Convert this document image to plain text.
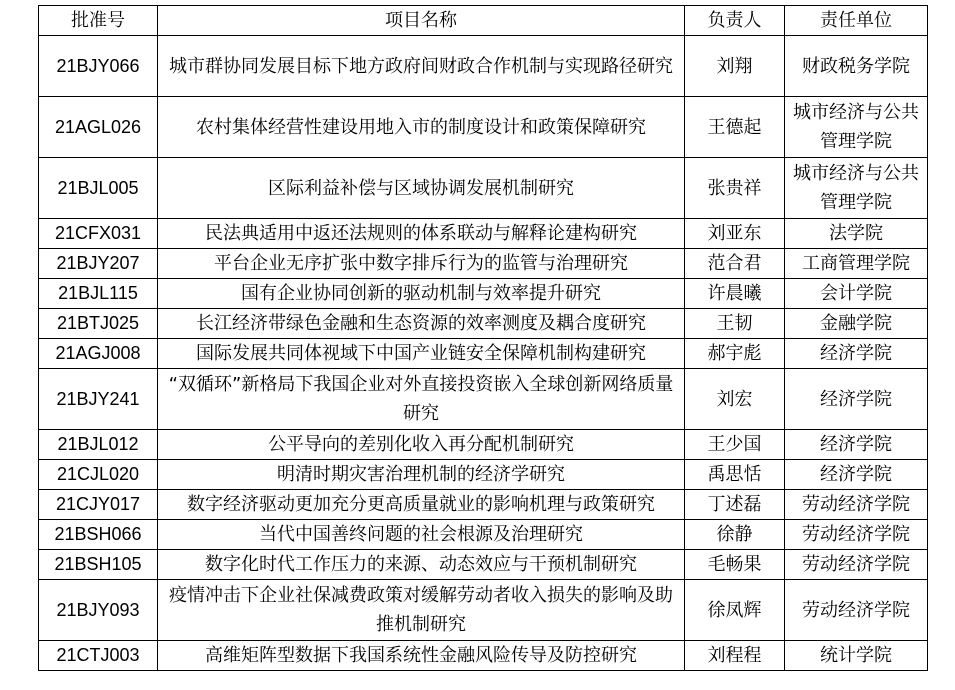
批准号	项目名称	负责人	责任单位
21BJY066	城市群协同发展目标下地方政府间财政合作机制与实现路径研究	刘翔	财政税务学院
21AGL026	农村集体经营性建设用地入市的制度设计和政策保障研究	王德起	城市经济与公共管理学院
21BJL005	区际利益补偿与区域协调发展机制研究	张贵祥	城市经济与公共管理学院
21CFX031	民法典适用中返还法规则的体系联动与解释论建构研究	刘亚东	法学院
21BJY207	平台企业无序扩张中数字排斥行为的监管与治理研究	范合君	工商管理学院
21BJL115	国有企业协同创新的驱动机制与效率提升研究	许晨曦	会计学院
21BTJ025	长江经济带绿色金融和生态资源的效率测度及耦合度研究	王韧	金融学院
21AGJ008	国际发展共同体视域下中国产业链安全保障机制构建研究	郝宇彪	经济学院
21BJY241	“双循环”新格局下我国企业对外直接投资嵌入全球创新网络质量研究	刘宏	经济学院
21BJL012	公平导向的差别化收入再分配机制研究	王少国	经济学院
21CJL020	明清时期灾害治理机制的经济学研究	禹思恬	经济学院
21CJY017	数字经济驱动更加充分更高质量就业的影响机理与政策研究	丁述磊	劳动经济学院
21BSH066	当代中国善终问题的社会根源及治理研究	徐静	劳动经济学院
21BSH105	数字化时代工作压力的来源、动态效应与干预机制研究	毛畅果	劳动经济学院
21BJY093	疫情冲击下企业社保减费政策对缓解劳动者收入损失的影响及助推机制研究	徐凤辉	劳动经济学院
21CTJ003	高维矩阵型数据下我国系统性金融风险传导及防控研究	刘程程	统计学院
